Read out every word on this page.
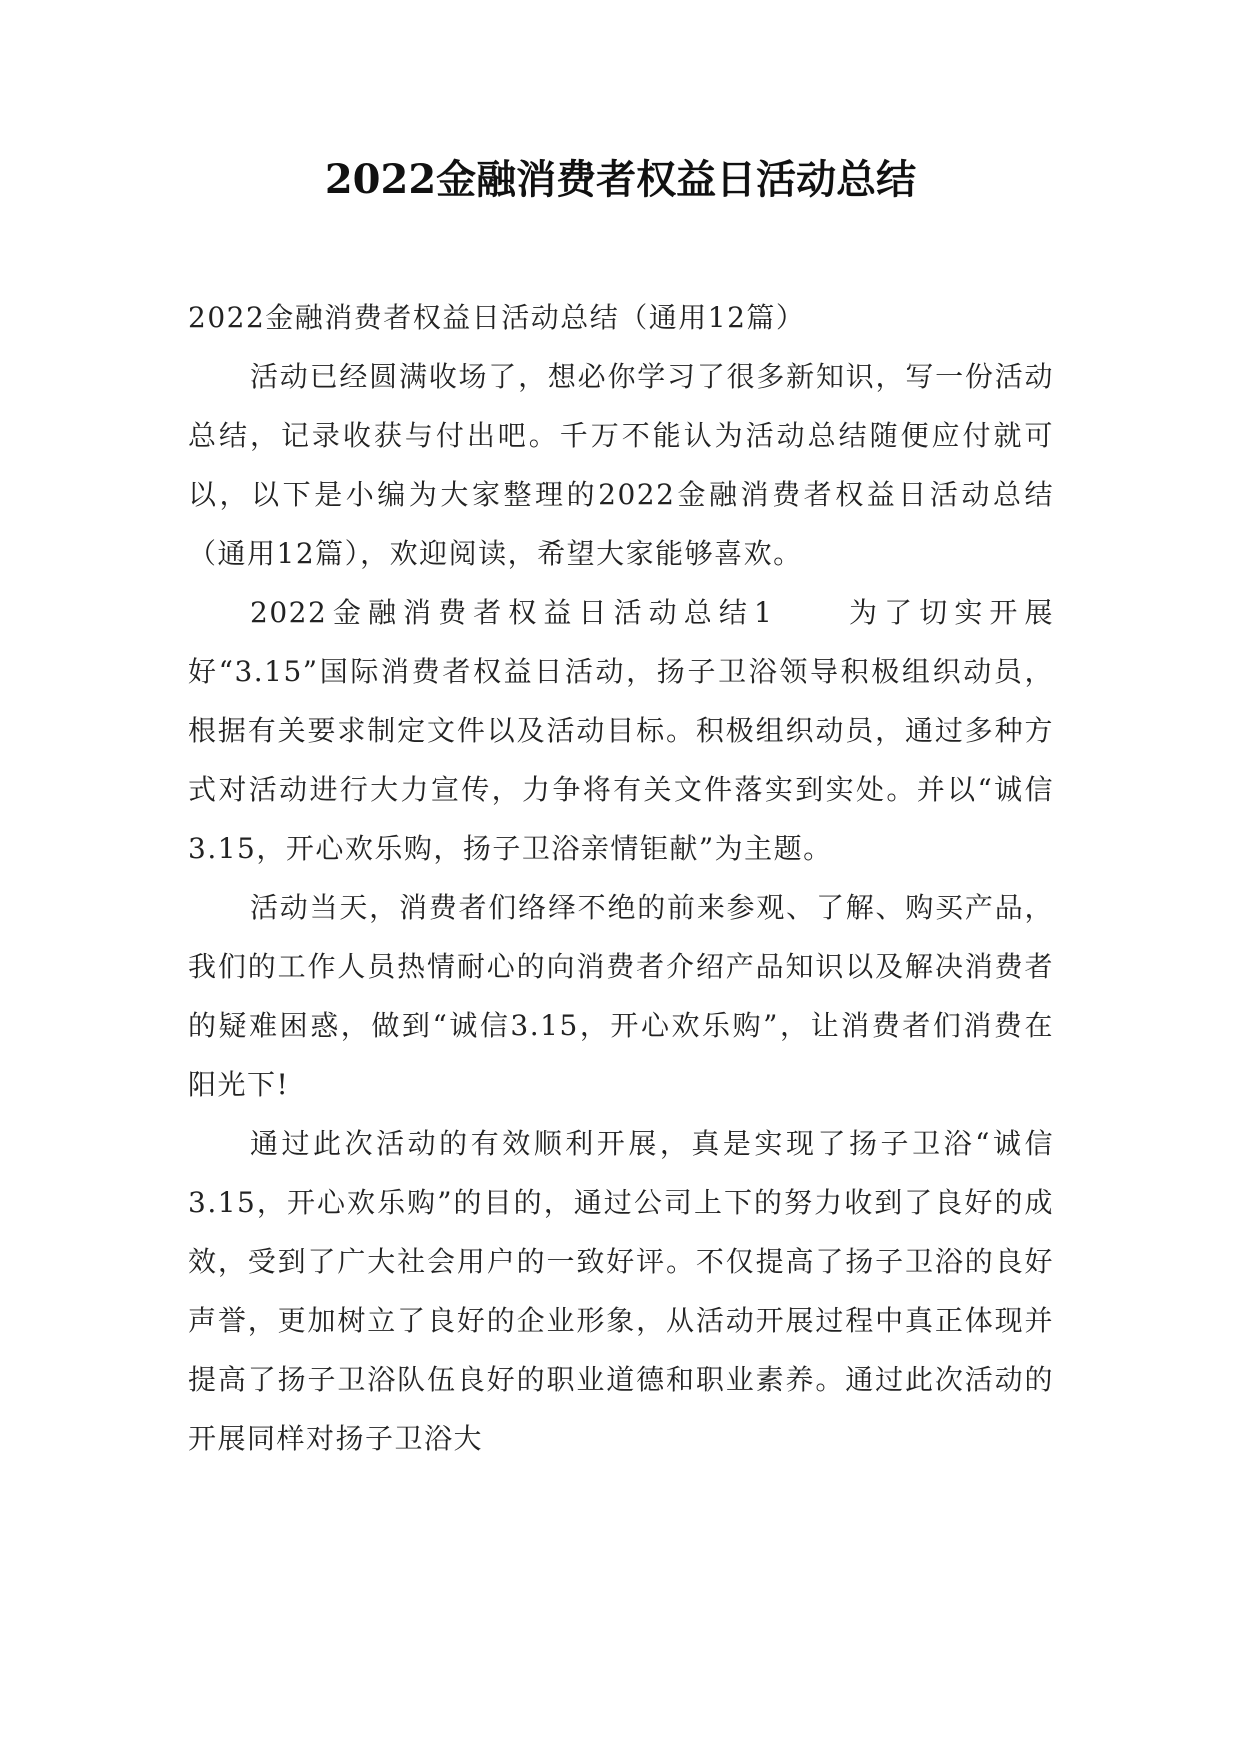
2022金融消费者权益日活动总结

2022金融消费者权益日活动总结（通用12篇）

活动已经圆满收场了，想必你学习了很多新知识，写一份活动总结，记录收获与付出吧。千万不能认为活动总结随便应付就可以，以下是小编为大家整理的2022金融消费者权益日活动总结（通用12篇），欢迎阅读，希望大家能够喜欢。

2022金融消费者权益日活动总结1　　为了切实开展好“3.15”国际消费者权益日活动，扬子卫浴领导积极组织动员，根据有关要求制定文件以及活动目标。积极组织动员，通过多种方式对活动进行大力宣传，力争将有关文件落实到实处。并以“诚信3.15，开心欢乐购，扬子卫浴亲情钜献”为主题。

活动当天，消费者们络绎不绝的前来参观、了解、购买产品，我们的工作人员热情耐心的向消费者介绍产品知识以及解决消费者的疑难困惑，做到“诚信3.15，开心欢乐购”，让消费者们消费在阳光下!

通过此次活动的有效顺利开展，真是实现了扬子卫浴“诚信3.15，开心欢乐购”的目的，通过公司上下的努力收到了良好的成效，受到了广大社会用户的一致好评。不仅提高了扬子卫浴的良好声誉，更加树立了良好的企业形象，从活动开展过程中真正体现并提高了扬子卫浴队伍良好的职业道德和职业素养。通过此次活动的开展同样对扬子卫浴大
